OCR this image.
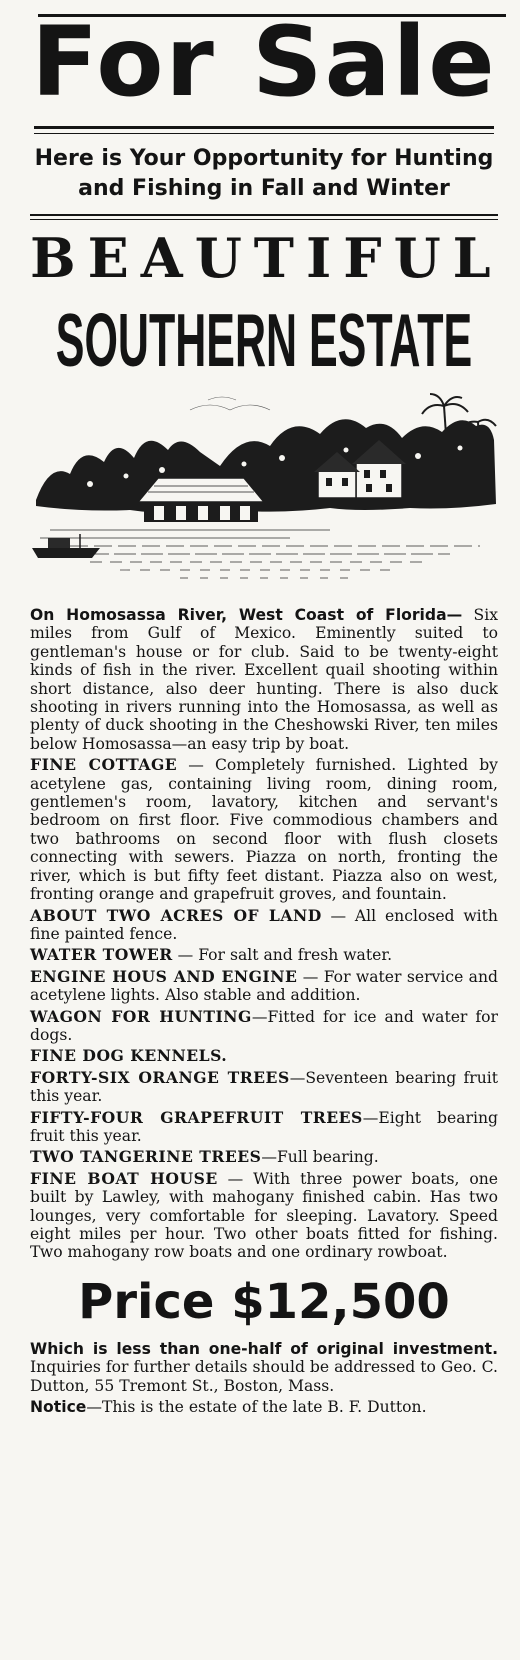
For Sale
Here is Your Opportunity for Hunting and Fishing in Fall and Winter
BEAUTIFUL
SOUTHERN ESTATE

On Homosassa River, West Coast of Florida— Six miles from Gulf of Mexico. Eminently suited to gentleman's house or for club. Said to be twenty-eight kinds of fish in the river. Excellent quail shooting within short distance, also deer hunting. There is also duck shooting in rivers running into the Homosassa, as well as plenty of duck shooting in the Cheshowski River, ten miles below Homosassa—an easy trip by boat.

FINE COTTAGE — Completely furnished. Lighted by acetylene gas, containing living room, dining room, gentlemen's room, lavatory, kitchen and servant's bedroom on first floor. Five commodious chambers and two bathrooms on second floor with flush closets connecting with sewers. Piazza on north, fronting the river, which is but fifty feet distant. Piazza also on west, fronting orange and grapefruit groves, and fountain.

ABOUT TWO ACRES OF LAND — All enclosed with fine painted fence.

WATER TOWER — For salt and fresh water.

ENGINE HOUS AND ENGINE — For water service and acetylene lights. Also stable and addition.

WAGON FOR HUNTING—Fitted for ice and water for dogs.

FINE DOG KENNELS.

FORTY-SIX ORANGE TREES—Seventeen bearing fruit this year.

FIFTY-FOUR GRAPEFRUIT TREES—Eight bearing fruit this year.

TWO TANGERINE TREES—Full bearing.

FINE BOAT HOUSE — With three power boats, one built by Lawley, with mahogany finished cabin. Has two lounges, very comfortable for sleeping. Lavatory. Speed eight miles per hour. Two other boats fitted for fishing. Two mahogany row boats and one ordinary rowboat.

Price $12,500

Which is less than one-half of original investment. Inquiries for further details should be addressed to Geo. C. Dutton, 55 Tremont St., Boston, Mass.

Notice—This is the estate of the late B. F. Dutton.
